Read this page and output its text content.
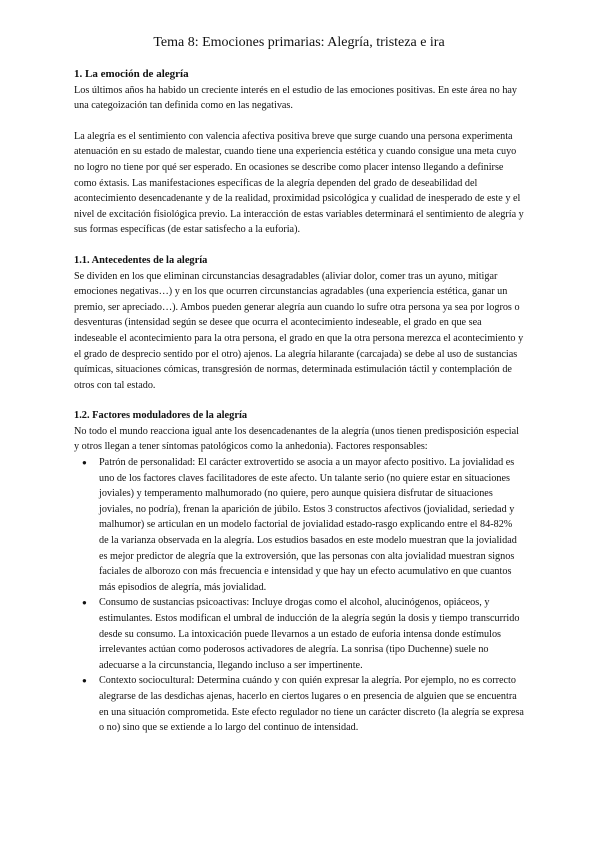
Tema 8: Emociones primarias: Alegría, tristeza e ira
1. La emoción de alegría

Los últimos años ha habido un creciente interés en el estudio de las emociones positivas. En este área no hay una categoización tan definida como en las negativas.

La alegría es el sentimiento con valencia afectiva positiva breve que surge cuando una persona experimenta atenuación en su estado de malestar, cuando tiene una experiencia estética y cuando consigue una meta cuyo no logro no tiene por qué ser esperado. En ocasiones se describe como placer intenso llegando a definirse como éxtasis. Las manifestaciones específicas de la alegría dependen del grado de deseabilidad del acontecimiento desencadenante y de la realidad, proximidad psicológica y cualidad de inesperado de este y el nivel de excitación fisiológica previo. La interacción de estas variables determinará el sentimiento de alegría y sus formas específicas (de estar satisfecho a la euforia).

1.1. Antecedentes de la alegría

Se dividen en los que eliminan circunstancias desagradables (aliviar dolor, comer tras un ayuno, mitigar emociones negativas…) y en los que ocurren circunstancias agradables (una experiencia estética, ganar un premio, ser apreciado…). Ambos pueden generar alegría aun cuando lo sufre otra persona ya sea por logros o desventuras (intensidad según se desee que ocurra el acontecimiento indeseable, el grado en que sea indeseable el acontecimiento para la otra persona, el grado en que la otra persona merezca el acontecimiento y el grado de desprecio sentido por el otro) ajenos. La alegría hilarante (carcajada) se debe al uso de sustancias químicas, situaciones cómicas, transgresión de normas, determinada estimulación táctil y contemplación de otros con tal estado.

1.2. Factores moduladores de la alegría

No todo el mundo reacciona igual ante los desencadenantes de la alegría (unos tienen predisposición especial y otros llegan a tener síntomas patológicos como la anhedonia). Factores responsables:

● Patrón de personalidad: El carácter extrovertido se asocia a un mayor afecto positivo. La jovialidad es uno de los factores claves facilitadores de este afecto. Un talante serio (no quiere estar en situaciones joviales) y temperamento malhumorado (no quiere, pero aunque quisiera disfrutar de situaciones joviales, no podría), frenan la aparición de júbilo. Estos 3 constructos afectivos (jovialidad, seriedad y malhumor) se articulan en un modelo factorial de jovialidad estado-rasgo explicando entre el 84-82% de la varianza observada en la alegría. Los estudios basados en este modelo muestran que la jovialidad es mejor predictor de alegría que la extroversión, que las personas con alta jovialidad muestran signos faciales de alborozo con más frecuencia e intensidad y que hay un efecto acumulativo en que cuantos más episodios de alegría, más jovialidad.
● Consumo de sustancias psicoactivas: Incluye drogas como el alcohol, alucinógenos, opiáceos, y estimulantes. Estos modifican el umbral de inducción de la alegría según la dosis y tiempo transcurrido desde su consumo. La intoxicación puede llevarnos a un estado de euforia intensa donde estímulos irrelevantes actúan como poderosos activadores de alegría. La sonrisa (tipo Duchenne) suele no adecuarse a la circunstancia, llegando incluso a ser impertinente.
● Contexto sociocultural: Determina cuándo y con quién expresar la alegría. Por ejemplo, no es correcto alegrarse de las desdichas ajenas, hacerlo en ciertos lugares o en presencia de alguien que se encuentra en una situación comprometida. Este efecto regulador no tiene un carácter discreto (la alegría se expresa o no) sino que se extiende a lo largo del continuo de intensidad.
